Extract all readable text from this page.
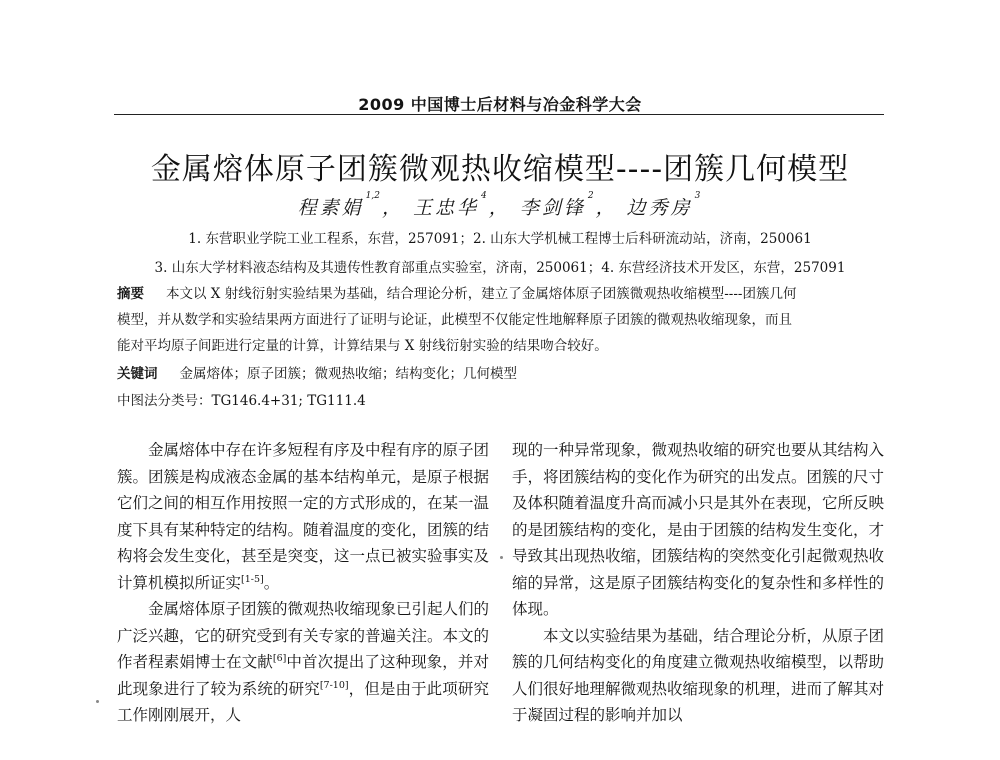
2009 中国博士后材料与冶金科学大会
金属熔体原子团簇微观热收缩模型----团簇几何模型
程素娟$^{1,2}$， 王忠华$^4$， 李剑锋$^2$， 边秀房$^3$
1. 东营职业学院工业工程系，东营，257091；2. 山东大学机械工程博士后科研流动站，济南，250061
3. 山东大学材料液态结构及其遗传性教育部重点实验室，济南，250061；4. 东营经济技术开发区，东营，257091
摘要 本文以 X 射线衍射实验结果为基础，结合理论分析，建立了金属熔体原子团簇微观热收缩模型----团簇几何
模型，并从数学和实验结果两方面进行了证明与论证，此模型不仅能定性地解释原子团簇的微观热收缩现象，而且
能对平均原子间距进行定量的计算，计算结果与 X 射线衍射实验的结果吻合较好。
关键词 金属熔体；原子团簇；微观热收缩；结构变化；几何模型
中图法分类号：TG146.4+31; TG111.4

金属熔体中存在许多短程有序及中程有序的原子团簇。团簇是构成液态金属的基本结构单元，是原子根据它们之间的相互作用按照一定的方式形成的，在某一温度下具有某种特定的结构。随着温度的变化，团簇的结构将会发生变化，甚至是突变，这一点已被实验事实及计算机模拟所证实[1-5]。

金属熔体原子团簇的微观热收缩现象已引起人们的广泛兴趣，它的研究受到有关专家的普遍关注。本文的作者程素娟博士在文献[6]中首次提出了这种现象，并对此现象进行了较为系统的研究[7-10]，但是由于此项研究工作刚刚展开，人

现的一种异常现象，微观热收缩的研究也要从其结构入手，将团簇结构的变化作为研究的出发点。团簇的尺寸及体积随着温度升高而减小只是其外在表现，它所反映的是团簇结构的变化，是由于团簇的结构发生变化，才导致其出现热收缩，团簇结构的突然变化引起微观热收缩的异常，这是原子团簇结构变化的复杂性和多样性的体现。

本文以实验结果为基础，结合理论分析，从原子团簇的几何结构变化的角度建立微观热收缩模型，以帮助人们很好地理解微观热收缩现象的机理，进而了解其对于凝固过程的影响并加以
